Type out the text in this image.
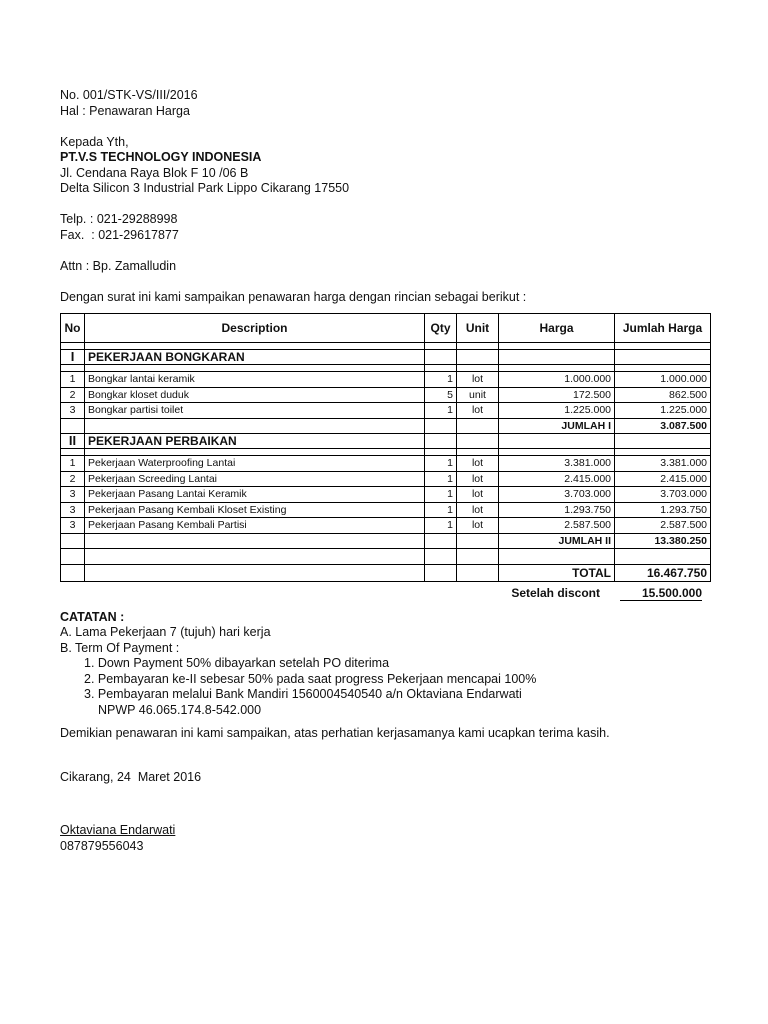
No. 001/STK-VS/III/2016
Hal : Penawaran Harga
Kepada Yth,
PT.V.S TECHNOLOGY INDONESIA
Jl. Cendana Raya Blok F 10 /06 B
Delta Silicon 3 Industrial Park Lippo Cikarang 17550
Telp. : 021-29288998
Fax.  : 021-29617877
Attn : Bp. Zamalludin
Dengan surat ini kami sampaikan penawaran harga dengan rincian sebagai berikut :
No	Description	Qty	Unit	Harga	Jumlah Harga

I	PEKERJAAN BONGKARAN				

1	Bongkar lantai keramik	1	lot	1.000.000	1.000.000
2	Bongkar kloset duduk	5	unit	172.500	862.500
3	Bongkar partisi toilet	1	lot	1.225.000	1.225.000
				JUMLAH I	3.087.500
II	PEKERJAAN PERBAIKAN				

1	Pekerjaan Waterproofing Lantai	1	lot	3.381.000	3.381.000
2	Pekerjaan Screeding Lantai	1	lot	2.415.000	2.415.000
3	Pekerjaan Pasang Lantai Keramik	1	lot	3.703.000	3.703.000
3	Pekerjaan Pasang Kembali Kloset Existing	1	lot	1.293.750	1.293.750
3	Pekerjaan Pasang Kembali Partisi	1	lot	2.587.500	2.587.500
				JUMLAH II	13.380.250

				TOTAL	16.467.750
Setelah discont	15.500.000
CATATAN :
A. Lama Pekerjaan 7 (tujuh) hari kerja
B. Term Of Payment :
1. Down Payment 50% dibayarkan setelah PO diterima
2. Pembayaran ke-II sebesar 50% pada saat progress Pekerjaan mencapai 100%
3. Pembayaran melalui Bank Mandiri 1560004540540 a/n Oktaviana Endarwati
NPWP 46.065.174.8-542.000
Demikian penawaran ini kami sampaikan, atas perhatian kerjasamanya kami ucapkan terima kasih.
Cikarang, 24  Maret 2016
Oktaviana Endarwati
087879556043
